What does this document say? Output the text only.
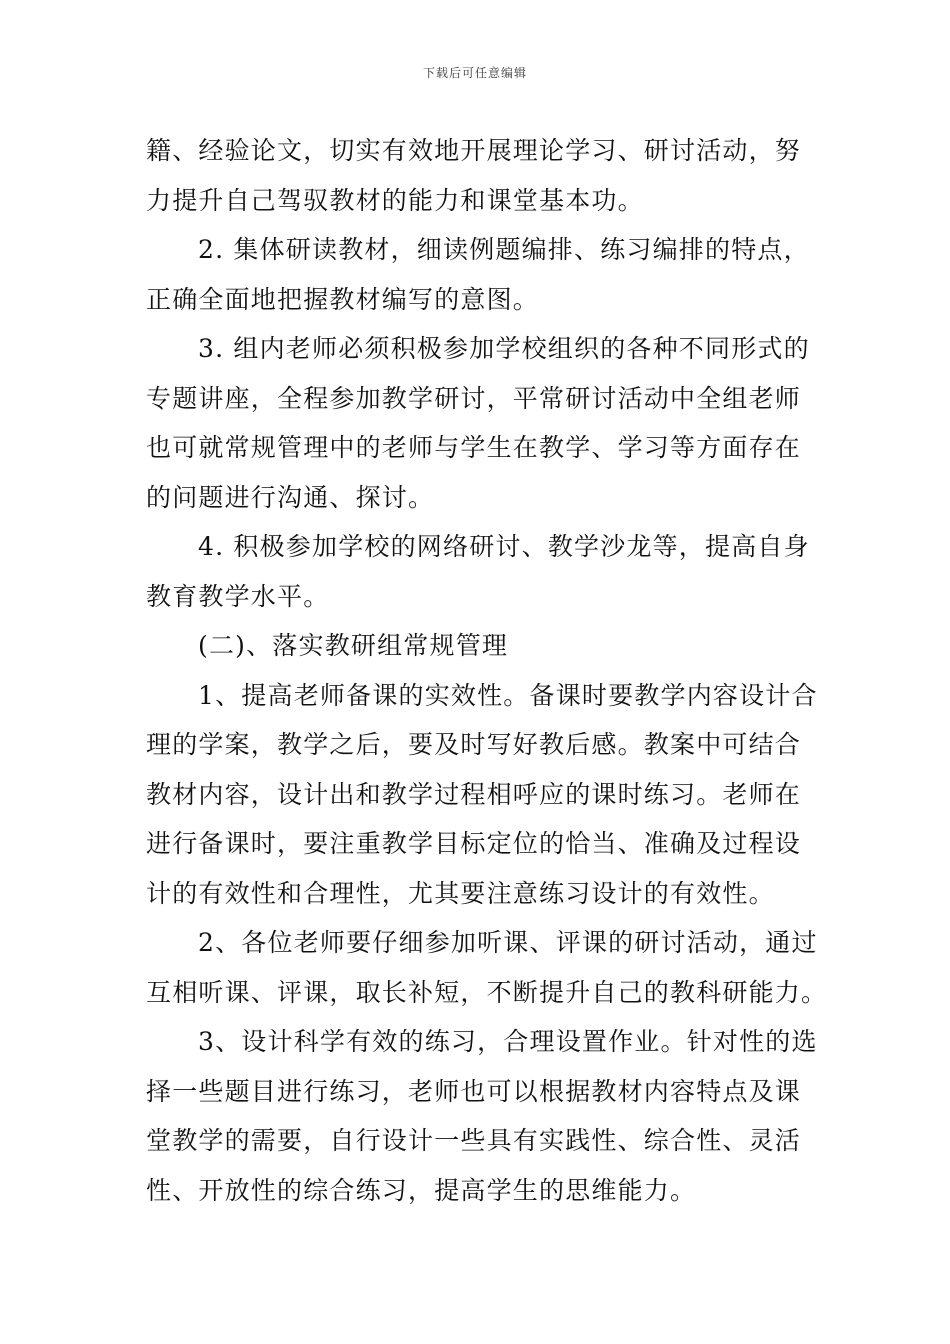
下载后可任意编辑
籍、经验论文，切实有效地开展理论学习、研讨活动，努
力提升自己驾驭教材的能力和课堂基本功。
2. 集体研读教材，细读例题编排、练习编排的特点，
正确全面地把握教材编写的意图。
3. 组内老师必须积极参加学校组织的各种不同形式的
专题讲座，全程参加教学研讨，平常研讨活动中全组老师
也可就常规管理中的老师与学生在教学、学习等方面存在
的问题进行沟通、探讨。
4. 积极参加学校的网络研讨、教学沙龙等，提高自身
教育教学水平。
(二)、落实教研组常规管理
1、提高老师备课的实效性。备课时要教学内容设计合
理的学案，教学之后，要及时写好教后感。教案中可结合
教材内容，设计出和教学过程相呼应的课时练习。老师在
进行备课时，要注重教学目标定位的恰当、准确及过程设
计的有效性和合理性，尤其要注意练习设计的有效性。
2、各位老师要仔细参加听课、评课的研讨活动，通过
互相听课、评课，取长补短，不断提升自己的教科研能力。
3、设计科学有效的练习，合理设置作业。针对性的选
择一些题目进行练习，老师也可以根据教材内容特点及课
堂教学的需要，自行设计一些具有实践性、综合性、灵活
性、开放性的综合练习，提高学生的思维能力。
